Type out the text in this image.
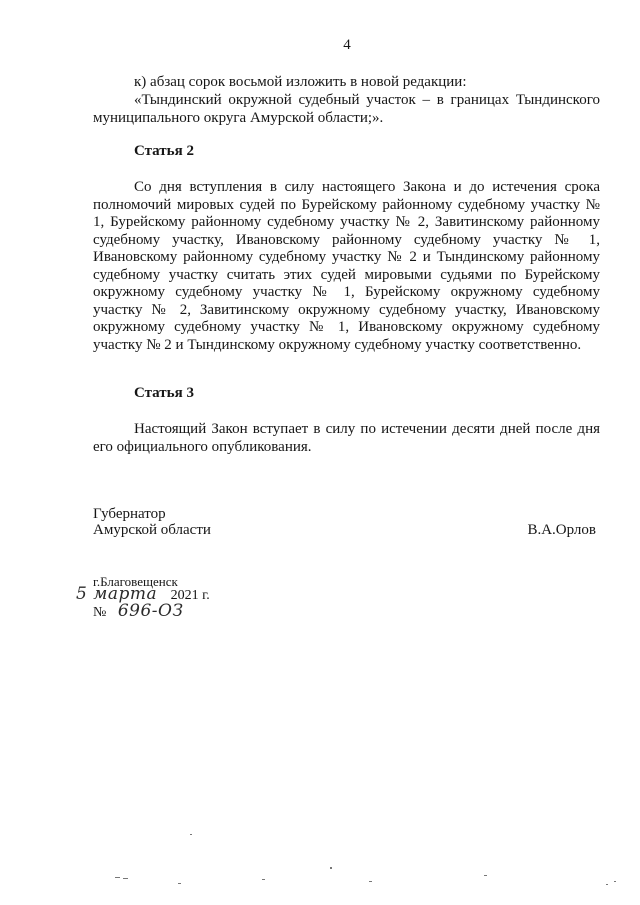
4

к) абзац сорок восьмой изложить в новой редакции:

«Тындинский окружной судебный участок – в границах Тындинского муниципального округа Амурской области;».

Статья 2

Со дня вступления в силу настоящего Закона и до истечения срока полномочий мировых судей по Бурейскому районному судебному участку № 1, Бурейскому районному судебному участку № 2, Завитинскому районному судебному участку, Ивановскому районному судебному участку № 1, Ивановскому районному судебному участку № 2 и Тындинскому районному судебному участку считать этих судей мировыми судьями по Бурейскому окружному судебному участку № 1, Бурейскому окружному судебному участку № 2, Завитинскому окружному судебному участку, Ивановскому окружному судебному участку № 1, Ивановскому окружному судебному участку № 2 и Тындинскому окружному судебному участку соответственно.

Статья 3

Настоящий Закон вступает в силу по истечении десяти дней после дня его официального опубликования.

Губернатор
Амурской области	В.А.Орлов
г.Благовещенск
5 марта 2021 г.
№ 696-ОЗ
